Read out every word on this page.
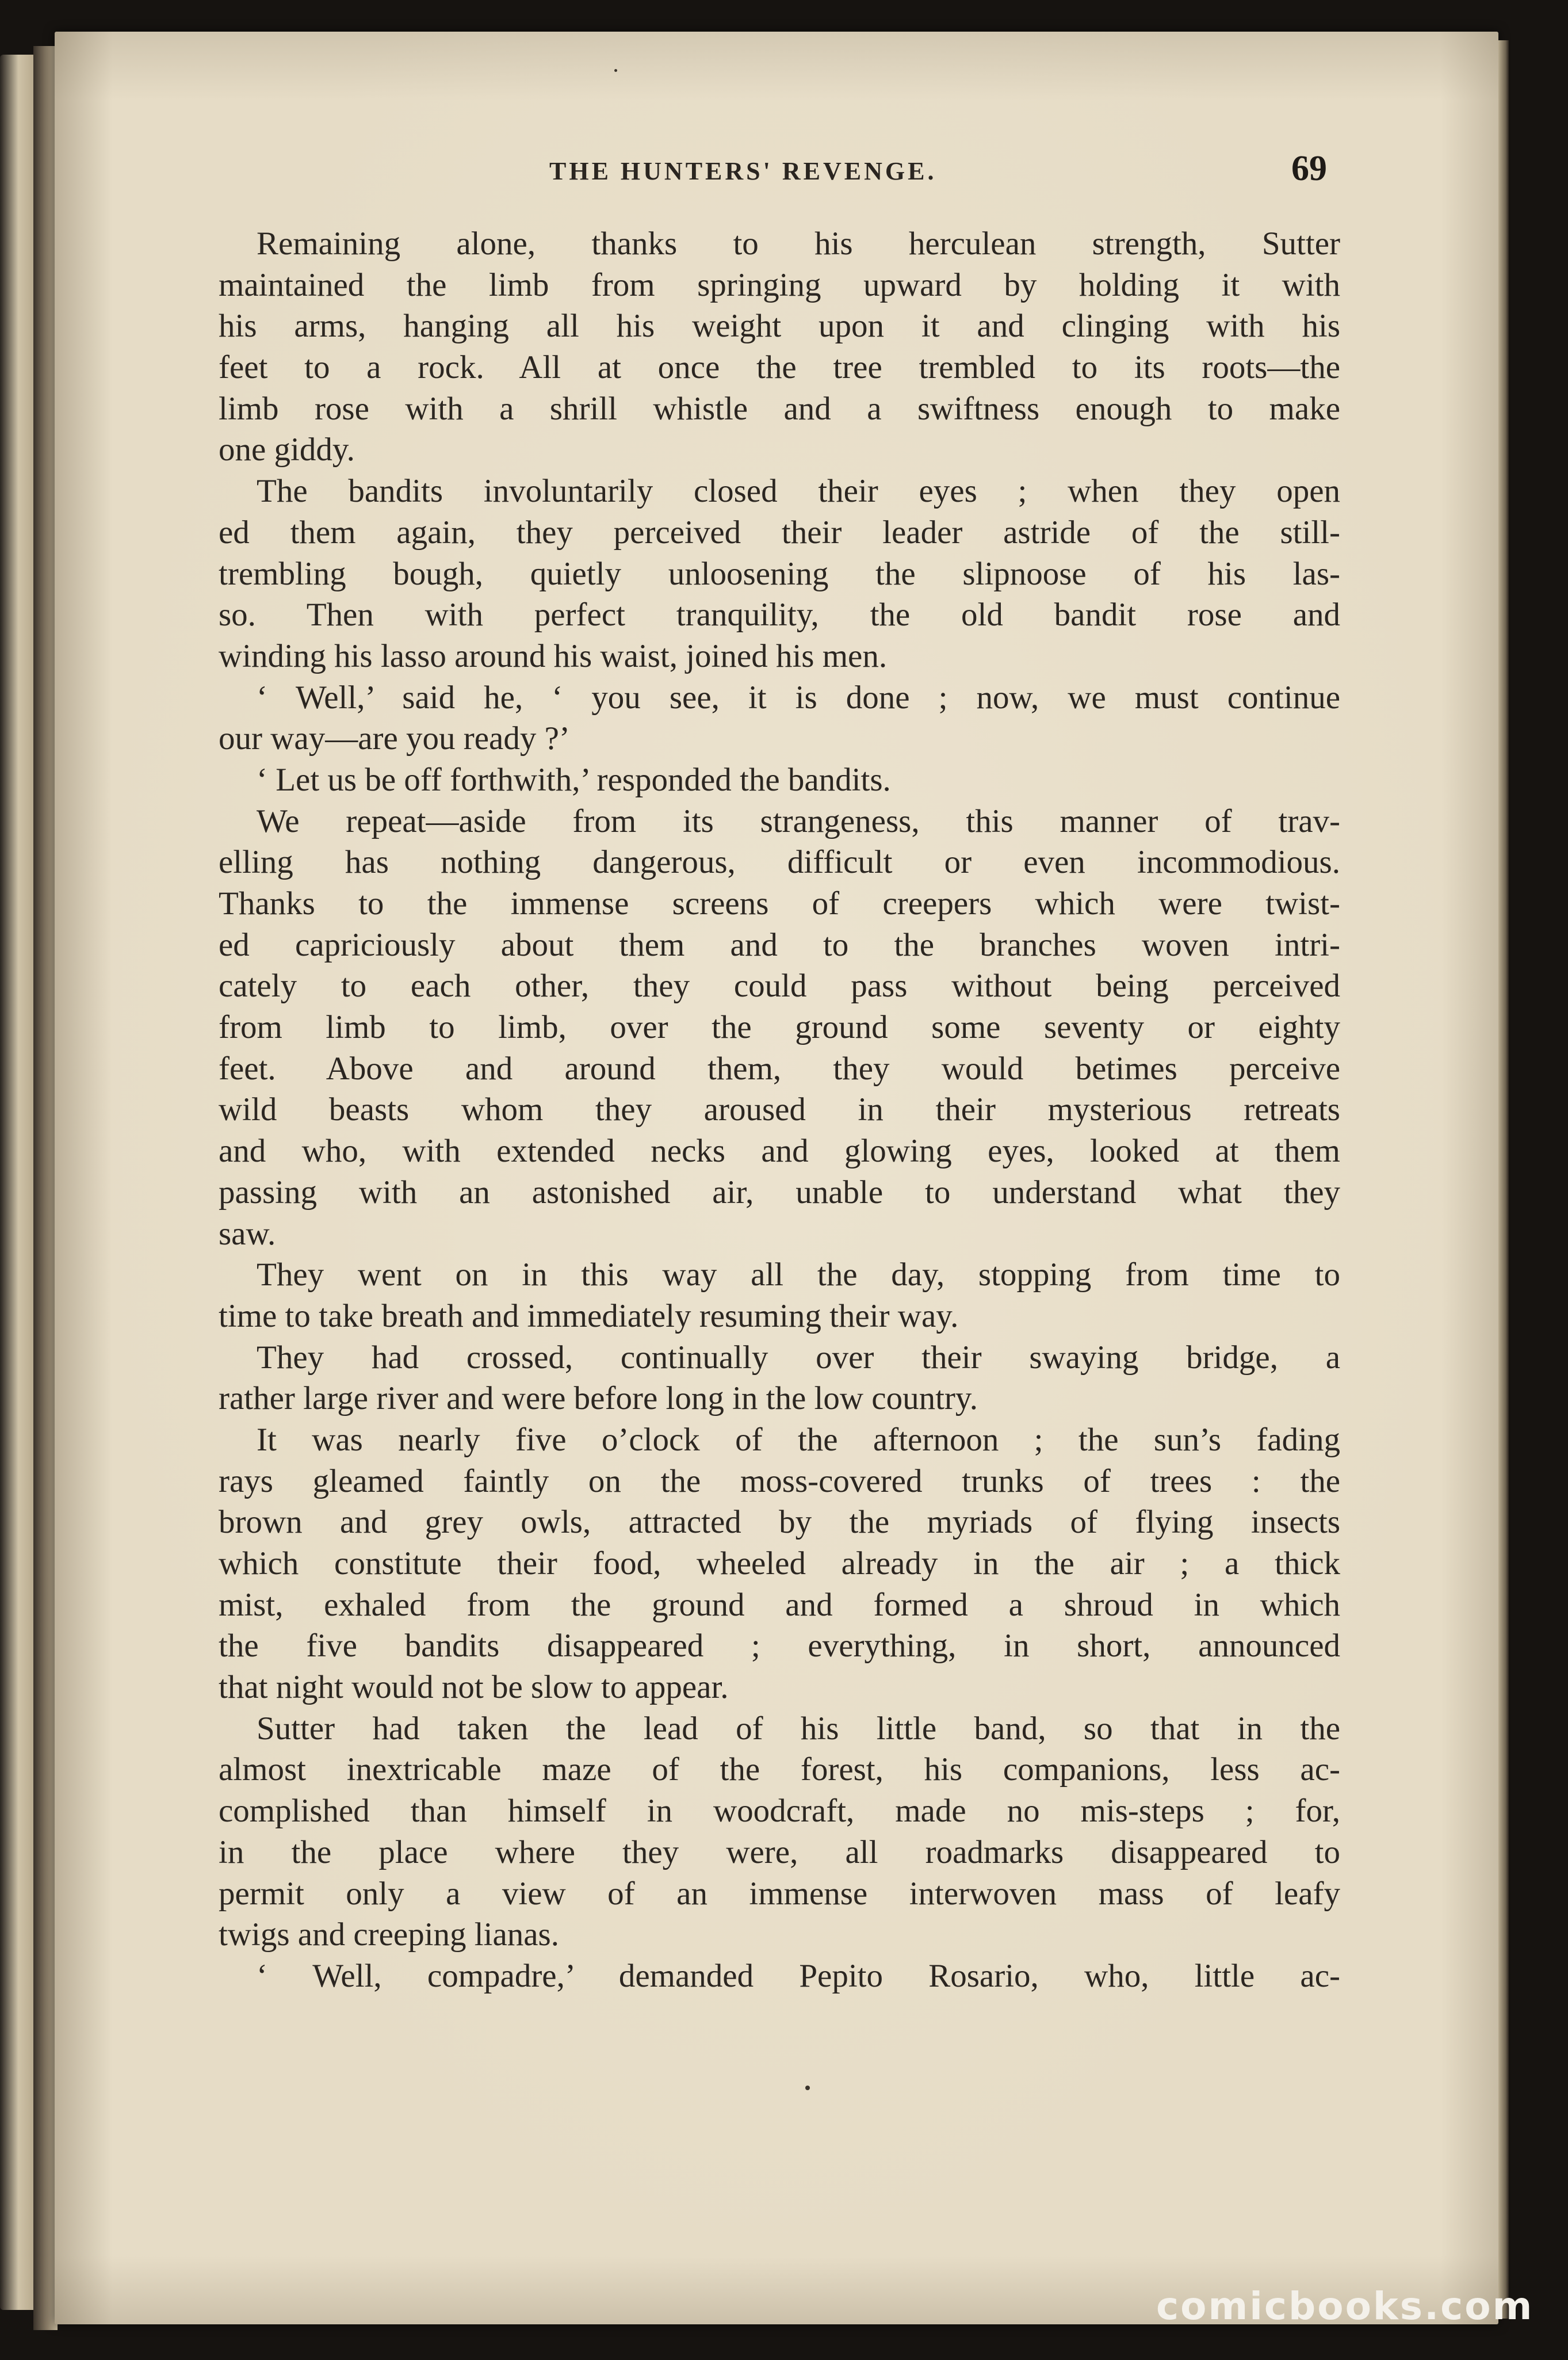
THE HUNTERS' REVENGE.	69
Remaining alone, thanks to his herculean strength, Sutter
maintained the limb from springing upward by holding it with
his arms, hanging all his weight upon it and clinging with his
feet to a rock. All at once the tree trembled to its roots—the
limb rose with a shrill whistle and a swiftness enough to make
one giddy.
The bandits involuntarily closed their eyes ; when they open
ed them again, they perceived their leader astride of the still-
trembling bough, quietly unloosening the slipnoose of his las-
so. Then with perfect tranquility, the old bandit rose and
winding his lasso around his waist, joined his men.
‘ Well,’ said he, ‘ you see, it is done ; now, we must continue
our way—are you ready ?’
‘ Let us be off forthwith,’ responded the bandits.
We repeat—aside from its strangeness, this manner of trav-
elling has nothing dangerous, difficult or even incommodious.
Thanks to the immense screens of creepers which were twist-
ed capriciously about them and to the branches woven intri-
cately to each other, they could pass without being perceived
from limb to limb, over the ground some seventy or eighty
feet. Above and around them, they would betimes perceive
wild beasts whom they aroused in their mysterious retreats
and who, with extended necks and glowing eyes, looked at them
passing with an astonished air, unable to understand what they
saw.
They went on in this way all the day, stopping from time to
time to take breath and immediately resuming their way.
They had crossed, continually over their swaying bridge, a
rather large river and were before long in the low country.
It was nearly five o’clock of the afternoon ; the sun’s fading
rays gleamed faintly on the moss-covered trunks of trees : the
brown and grey owls, attracted by the myriads of flying insects
which constitute their food, wheeled already in the air ; a thick
mist, exhaled from the ground and formed a shroud in which
the five bandits disappeared ; everything, in short, announced
that night would not be slow to appear.
Sutter had taken the lead of his little band, so that in the
almost inextricable maze of the forest, his companions, less ac-
complished than himself in woodcraft, made no mis-steps ; for,
in the place where they were, all roadmarks disappeared to
permit only a view of an immense interwoven mass of leafy
twigs and creeping lianas.
‘ Well, compadre,’ demanded Pepito Rosario, who, little ac-
comicbooks.com
